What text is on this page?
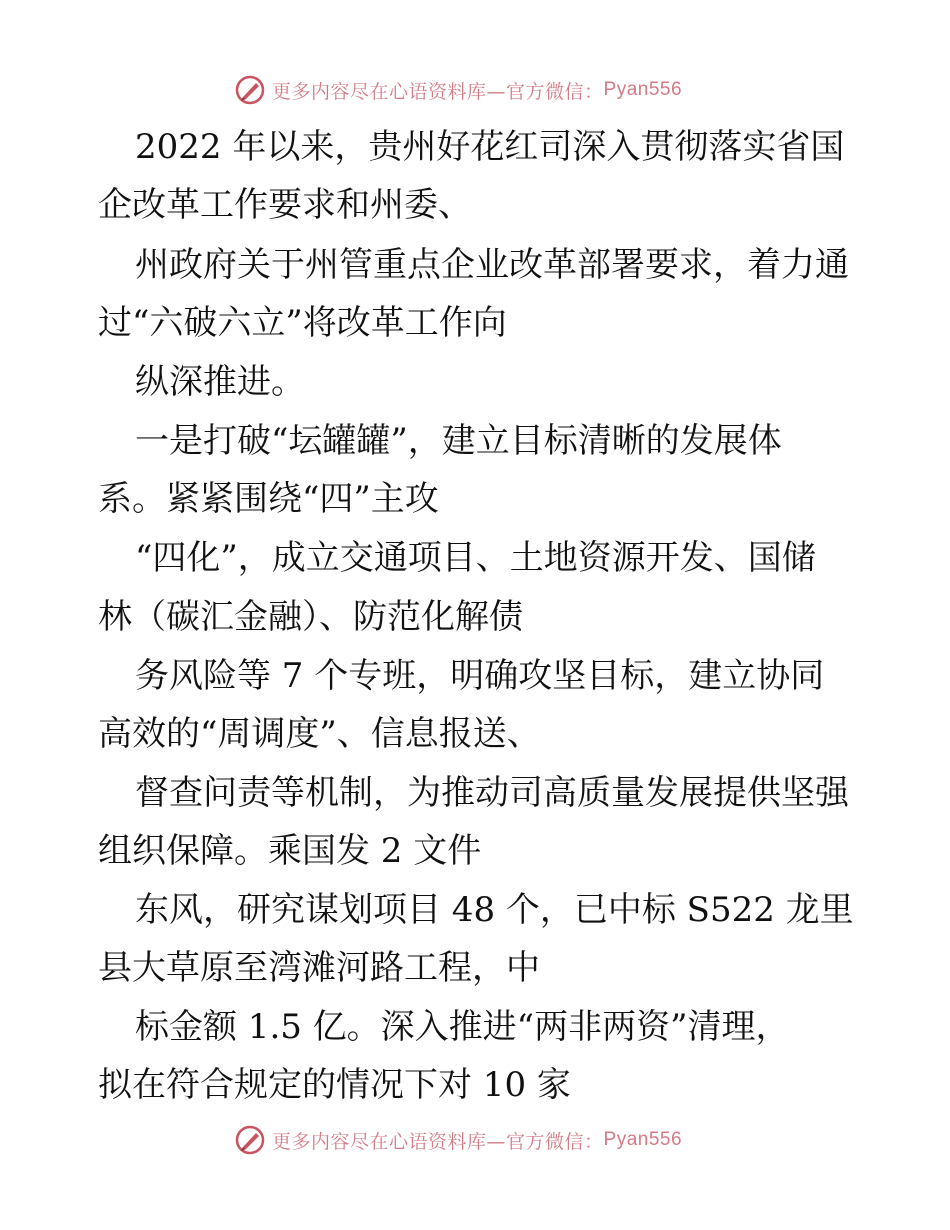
更多内容尽在心语资料库—官方微信： Pyan556
2022 年以来，贵州好花红司深入贯彻落实省国
企改革工作要求和州委、
州政府关于州管重点企业改革部署要求，着力通
过“六破六立”将改革工作向
纵深推进。
一是打破“坛罐罐”，建立目标清晰的发展体
系。紧紧围绕“四”主攻
“四化”，成立交通项目、土地资源开发、国储
林（碳汇金融）、防范化解债
务风险等 7 个专班，明确攻坚目标，建立协同
高效的“周调度”、信息报送、
督查问责等机制，为推动司高质量发展提供坚强
组织保障。乘国发 2 文件
东风，研究谋划项目 48 个，已中标 S522 龙里
县大草原至湾滩河路工程，中
标金额 1.5 亿。深入推进“两非两资”清理，
拟在符合规定的情况下对 10 家
更多内容尽在心语资料库—官方微信： Pyan556
